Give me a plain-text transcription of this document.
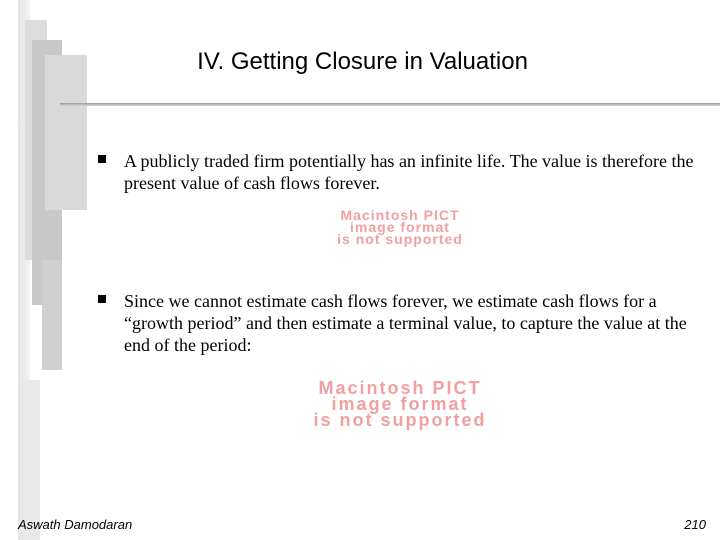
IV. Getting Closure in Valuation
A publicly traded firm potentially has an infinite life. The value is therefore the present value of cash flows forever.
Macintosh PICT
image format
is not supported
Since we cannot estimate cash flows forever, we estimate cash flows for a “growth period” and then estimate a terminal value, to capture the value at the end of the period:
Macintosh PICT
image format
is not supported
Aswath Damodaran	210
